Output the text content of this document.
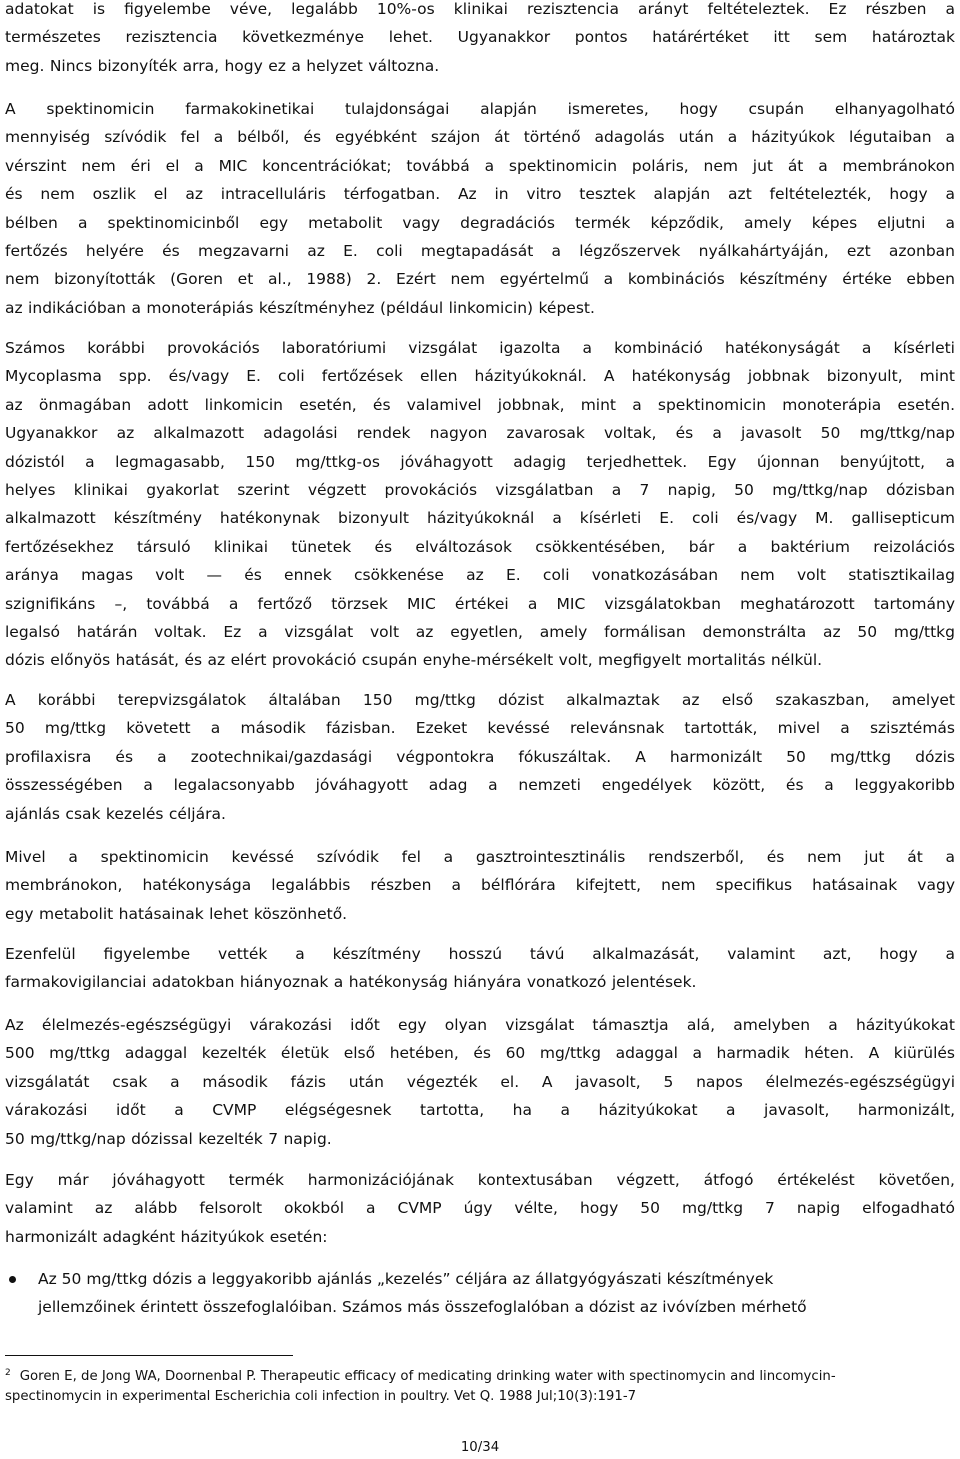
adatokat is figyelembe véve, legalább 10%-os klinikai rezisztencia arányt feltételeztek. Ez részben a
természetes rezisztencia következménye lehet. Ugyanakkor pontos határértéket itt sem határoztak
meg. Nincs bizonyíték arra, hogy ez a helyzet változna.

A spektinomicin farmakokinetikai tulajdonságai alapján ismeretes, hogy csupán elhanyagolható
mennyiség szívódik fel a bélből, és egyébként szájon át történő adagolás után a házityúkok légutaiban a
vérszint nem éri el a MIC koncentrációkat; továbbá a spektinomicin poláris, nem jut át a membránokon
és nem oszlik el az intracelluláris térfogatban. Az in vitro tesztek alapján azt feltételezték, hogy a
bélben a spektinomicinből egy metabolit vagy degradációs termék képződik, amely képes eljutni a
fertőzés helyére és megzavarni az E. coli megtapadását a légzőszervek nyálkahártyáján, ezt azonban
nem bizonyították (Goren et al., 1988) 2. Ezért nem egyértelmű a kombinációs készítmény értéke ebben
az indikációban a monoterápiás készítményhez (például linkomicin) képest.

Számos korábbi provokációs laboratóriumi vizsgálat igazolta a kombináció hatékonyságát a kísérleti
Mycoplasma spp. és/vagy E. coli fertőzések ellen házityúkoknál. A hatékonyság jobbnak bizonyult, mint
az önmagában adott linkomicin esetén, és valamivel jobbnak, mint a spektinomicin monoterápia esetén.
Ugyanakkor az alkalmazott adagolási rendek nagyon zavarosak voltak, és a javasolt 50 mg/ttkg/nap
dózistól a legmagasabb, 150 mg/ttkg-os jóváhagyott adagig terjedhettek. Egy újonnan benyújtott, a
helyes klinikai gyakorlat szerint végzett provokációs vizsgálatban a 7 napig, 50 mg/ttkg/nap dózisban
alkalmazott készítmény hatékonynak bizonyult házityúkoknál a kísérleti E. coli és/vagy M. gallisepticum
fertőzésekhez társuló klinikai tünetek és elváltozások csökkentésében, bár a baktérium reizolációs
aránya magas volt — és ennek csökkenése az E. coli vonatkozásában nem volt statisztikailag
szignifikáns –, továbbá a fertőző törzsek MIC értékei a MIC vizsgálatokban meghatározott tartomány
legalsó határán voltak. Ez a vizsgálat volt az egyetlen, amely formálisan demonstrálta az 50 mg/ttkg
dózis előnyös hatását, és az elért provokáció csupán enyhe-mérsékelt volt, megfigyelt mortalitás nélkül.

A korábbi terepvizsgálatok általában 150 mg/ttkg dózist alkalmaztak az első szakaszban, amelyet
50 mg/ttkg követett a második fázisban. Ezeket kevéssé relevánsnak tartották, mivel a szisztémás
profilaxisra és a zootechnikai/gazdasági végpontokra fókuszáltak. A harmonizált 50 mg/ttkg dózis
összességében a legalacsonyabb jóváhagyott adag a nemzeti engedélyek között, és a leggyakoribb
ajánlás csak kezelés céljára.

Mivel a spektinomicin kevéssé szívódik fel a gasztrointesztinális rendszerből, és nem jut át a
membránokon, hatékonysága legalábbis részben a bélflórára kifejtett, nem specifikus hatásainak vagy
egy metabolit hatásainak lehet köszönhető.

Ezenfelül figyelembe vették a készítmény hosszú távú alkalmazását, valamint azt, hogy a
farmakovigilanciai adatokban hiányoznak a hatékonyság hiányára vonatkozó jelentések.

Az élelmezés-egészségügyi várakozási időt egy olyan vizsgálat támasztja alá, amelyben a házityúkokat
500 mg/ttkg adaggal kezelték életük első hetében, és 60 mg/ttkg adaggal a harmadik héten. A kiürülés
vizsgálatát csak a második fázis után végezték el. A javasolt, 5 napos élelmezés-egészségügyi
várakozási időt a CVMP elégségesnek tartotta, ha a házityúkokat a javasolt, harmonizált,
50 mg/ttkg/nap dózissal kezelték 7 napig.

Egy már jóváhagyott termék harmonizációjának kontextusában végzett, átfogó értékelést követően,
valamint az alább felsorolt okokból a CVMP úgy vélte, hogy 50 mg/ttkg 7 napig elfogadható
harmonizált adagként házityúkok esetén:

Az 50 mg/ttkg dózis a leggyakoribb ajánlás „kezelés” céljára az állatgyógyászati készítmények
jellemzőinek érintett összefoglalóiban. Számos más összefoglalóban a dózist az ivóvízben mérhető

$^2$ Goren E, de Jong WA, Doornenbal P. Therapeutic efficacy of medicating drinking water with spectinomycin and lincomycin-
spectinomycin in experimental Escherichia coli infection in poultry. Vet Q. 1988 Jul;10(3):191-7

10/34
